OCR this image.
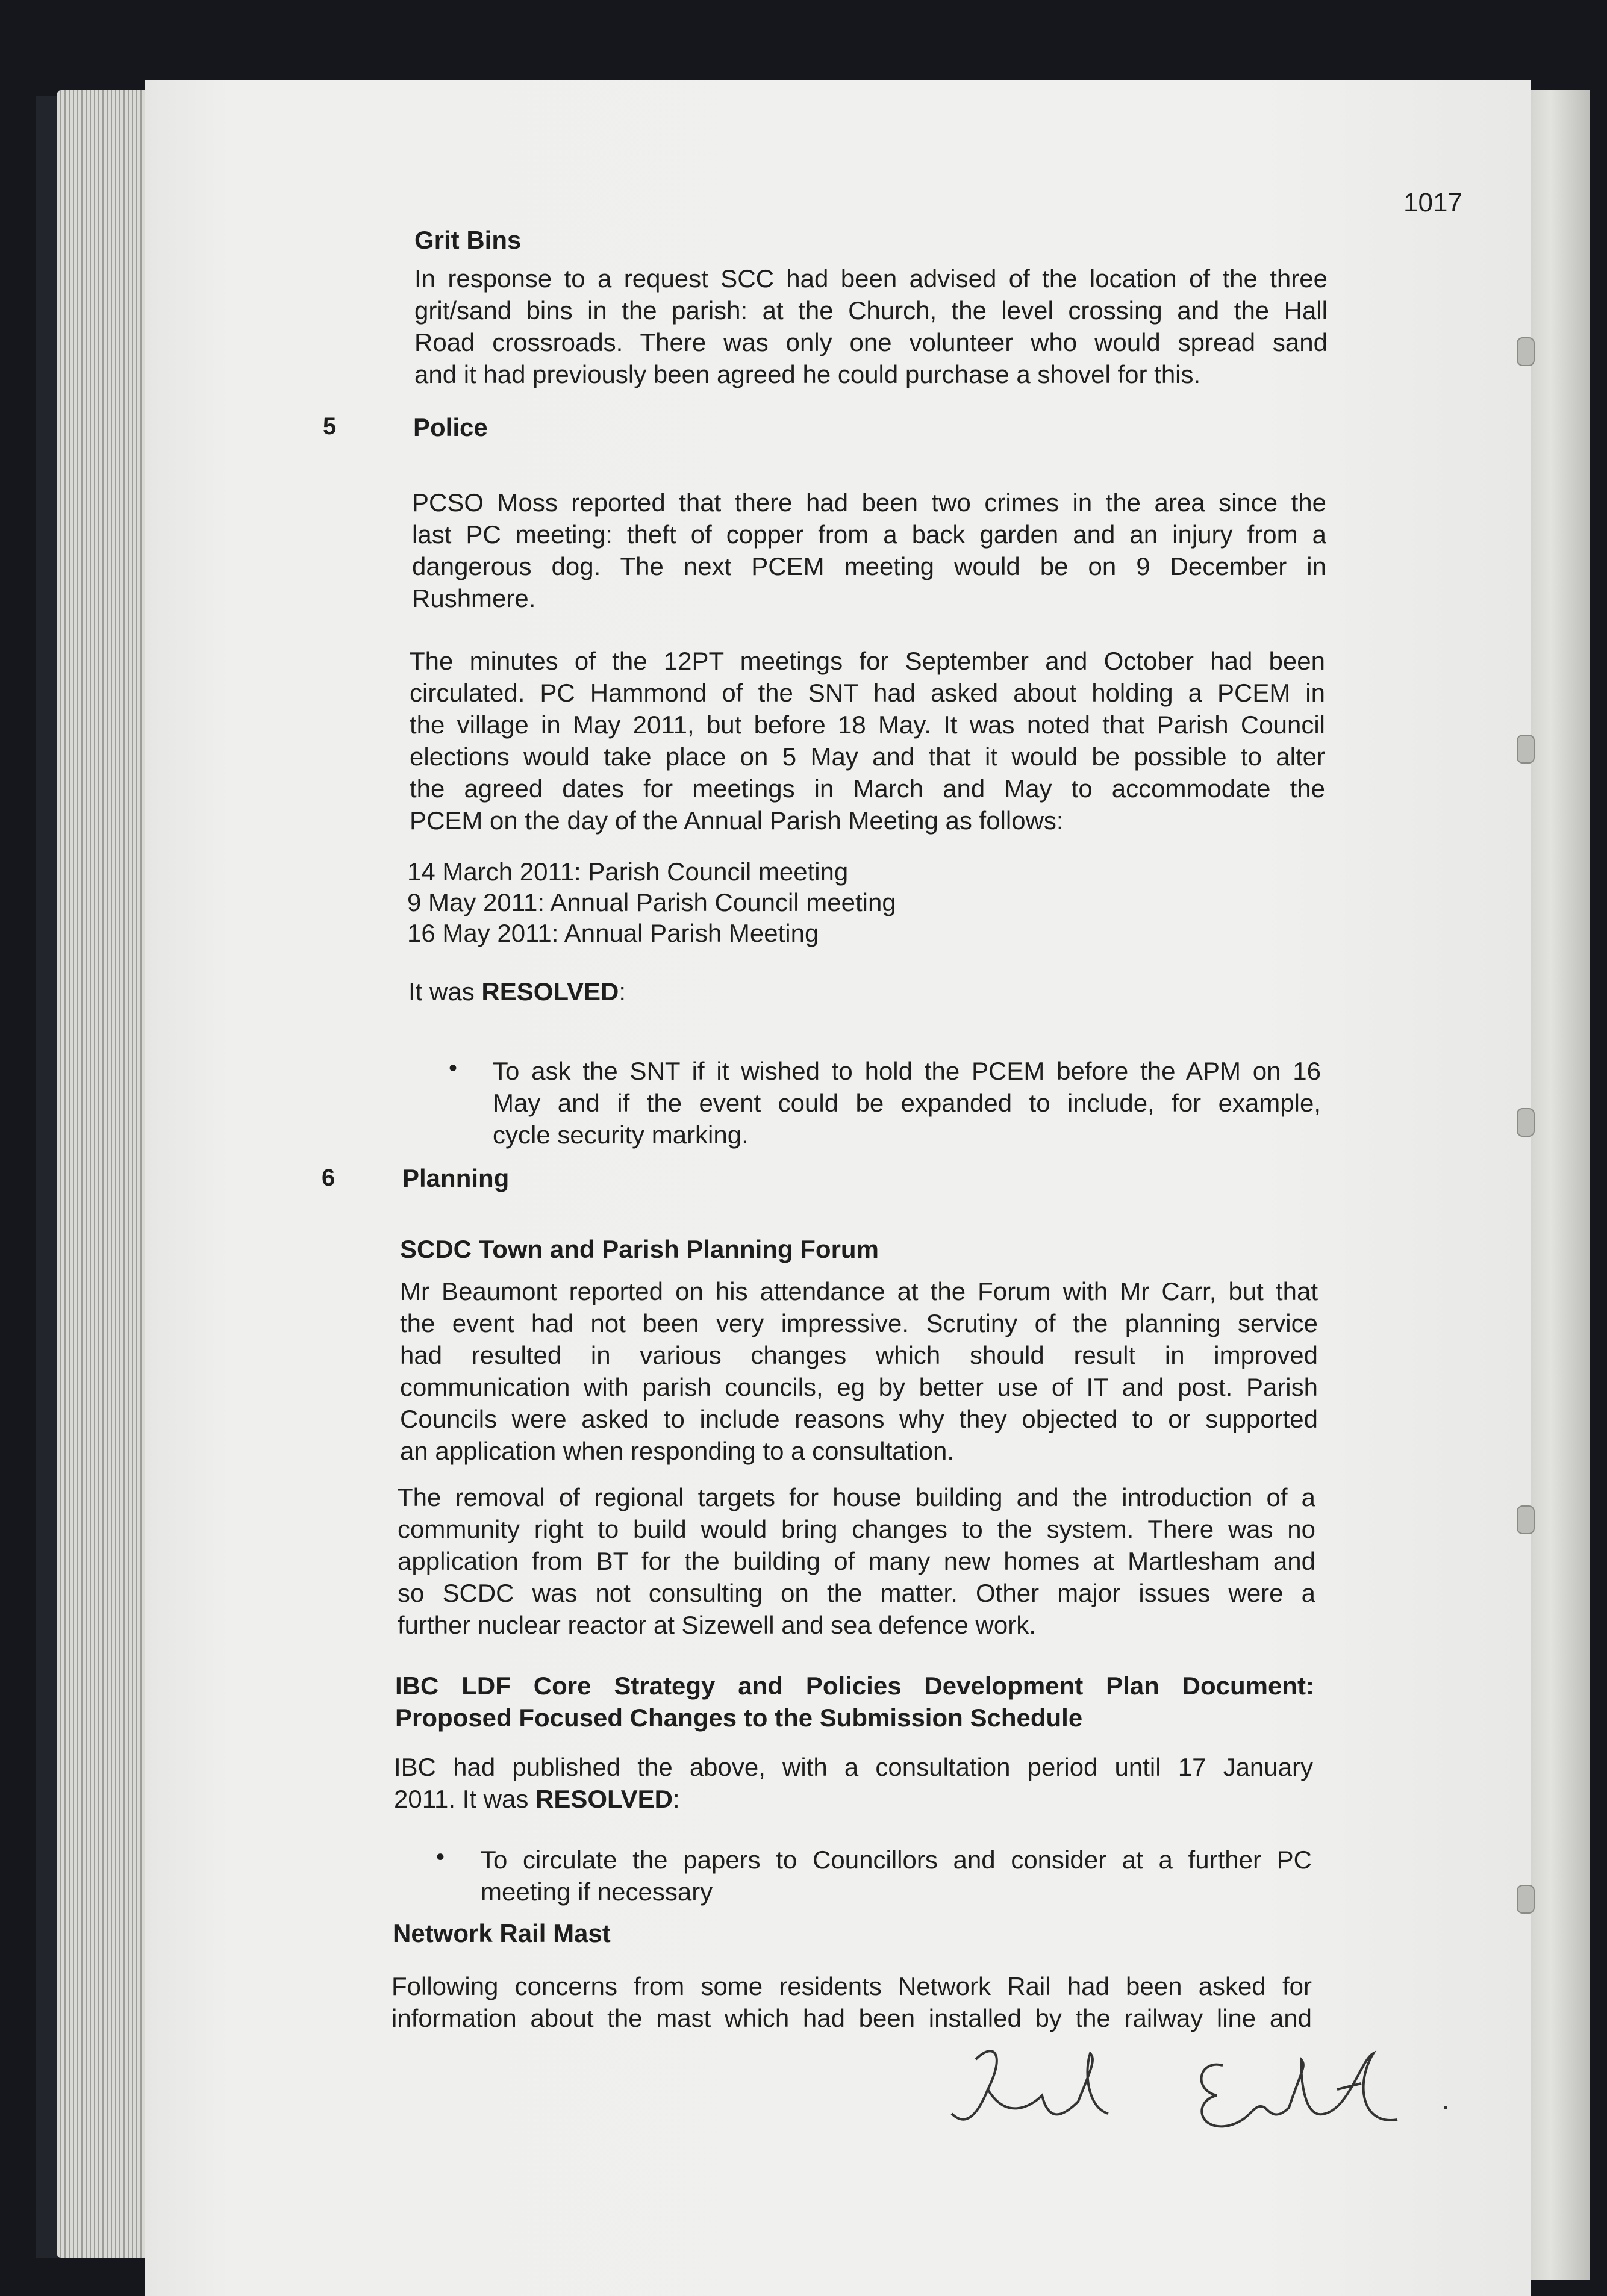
1017
Grit Bins
In response to a request SCC had been advised of the location of the three
grit/sand bins in the parish: at the Church, the level crossing and the Hall
Road crossroads. There was only one volunteer who would spread sand
and it had previously been agreed he could purchase a shovel for this.
5	Police
PCSO Moss reported that there had been two crimes in the area since the
last PC meeting: theft of copper from a back garden and an injury from a
dangerous dog. The next PCEM meeting would be on 9 December in
Rushmere.
The minutes of the 12PT meetings for September and October had been
circulated. PC Hammond of the SNT had asked about holding a PCEM in
the village in May 2011, but before 18 May. It was noted that Parish Council
elections would take place on 5 May and that it would be possible to alter
the agreed dates for meetings in March and May to accommodate the
PCEM on the day of the Annual Parish Meeting as follows:
14 March 2011: Parish Council meeting
9 May 2011: Annual Parish Council meeting
16 May 2011: Annual Parish Meeting
It was RESOLVED:
• To ask the SNT if it wished to hold the PCEM before the APM on 16
May and if the event could be expanded to include, for example,
cycle security marking.
6	Planning
SCDC Town and Parish Planning Forum
Mr Beaumont reported on his attendance at the Forum with Mr Carr, but that
the event had not been very impressive. Scrutiny of the planning service
had resulted in various changes which should result in improved
communication with parish councils, eg by better use of IT and post. Parish
Councils were asked to include reasons why they objected to or supported
an application when responding to a consultation.
The removal of regional targets for house building and the introduction of a
community right to build would bring changes to the system. There was no
application from BT for the building of many new homes at Martlesham and
so SCDC was not consulting on the matter. Other major issues were a
further nuclear reactor at Sizewell and sea defence work.
IBC LDF Core Strategy and Policies Development Plan Document:
Proposed Focused Changes to the Submission Schedule
IBC had published the above, with a consultation period until 17 January
2011. It was RESOLVED:
• To circulate the papers to Councillors and consider at a further PC
meeting if necessary
Network Rail Mast
Following concerns from some residents Network Rail had been asked for
information about the mast which had been installed by the railway line and
